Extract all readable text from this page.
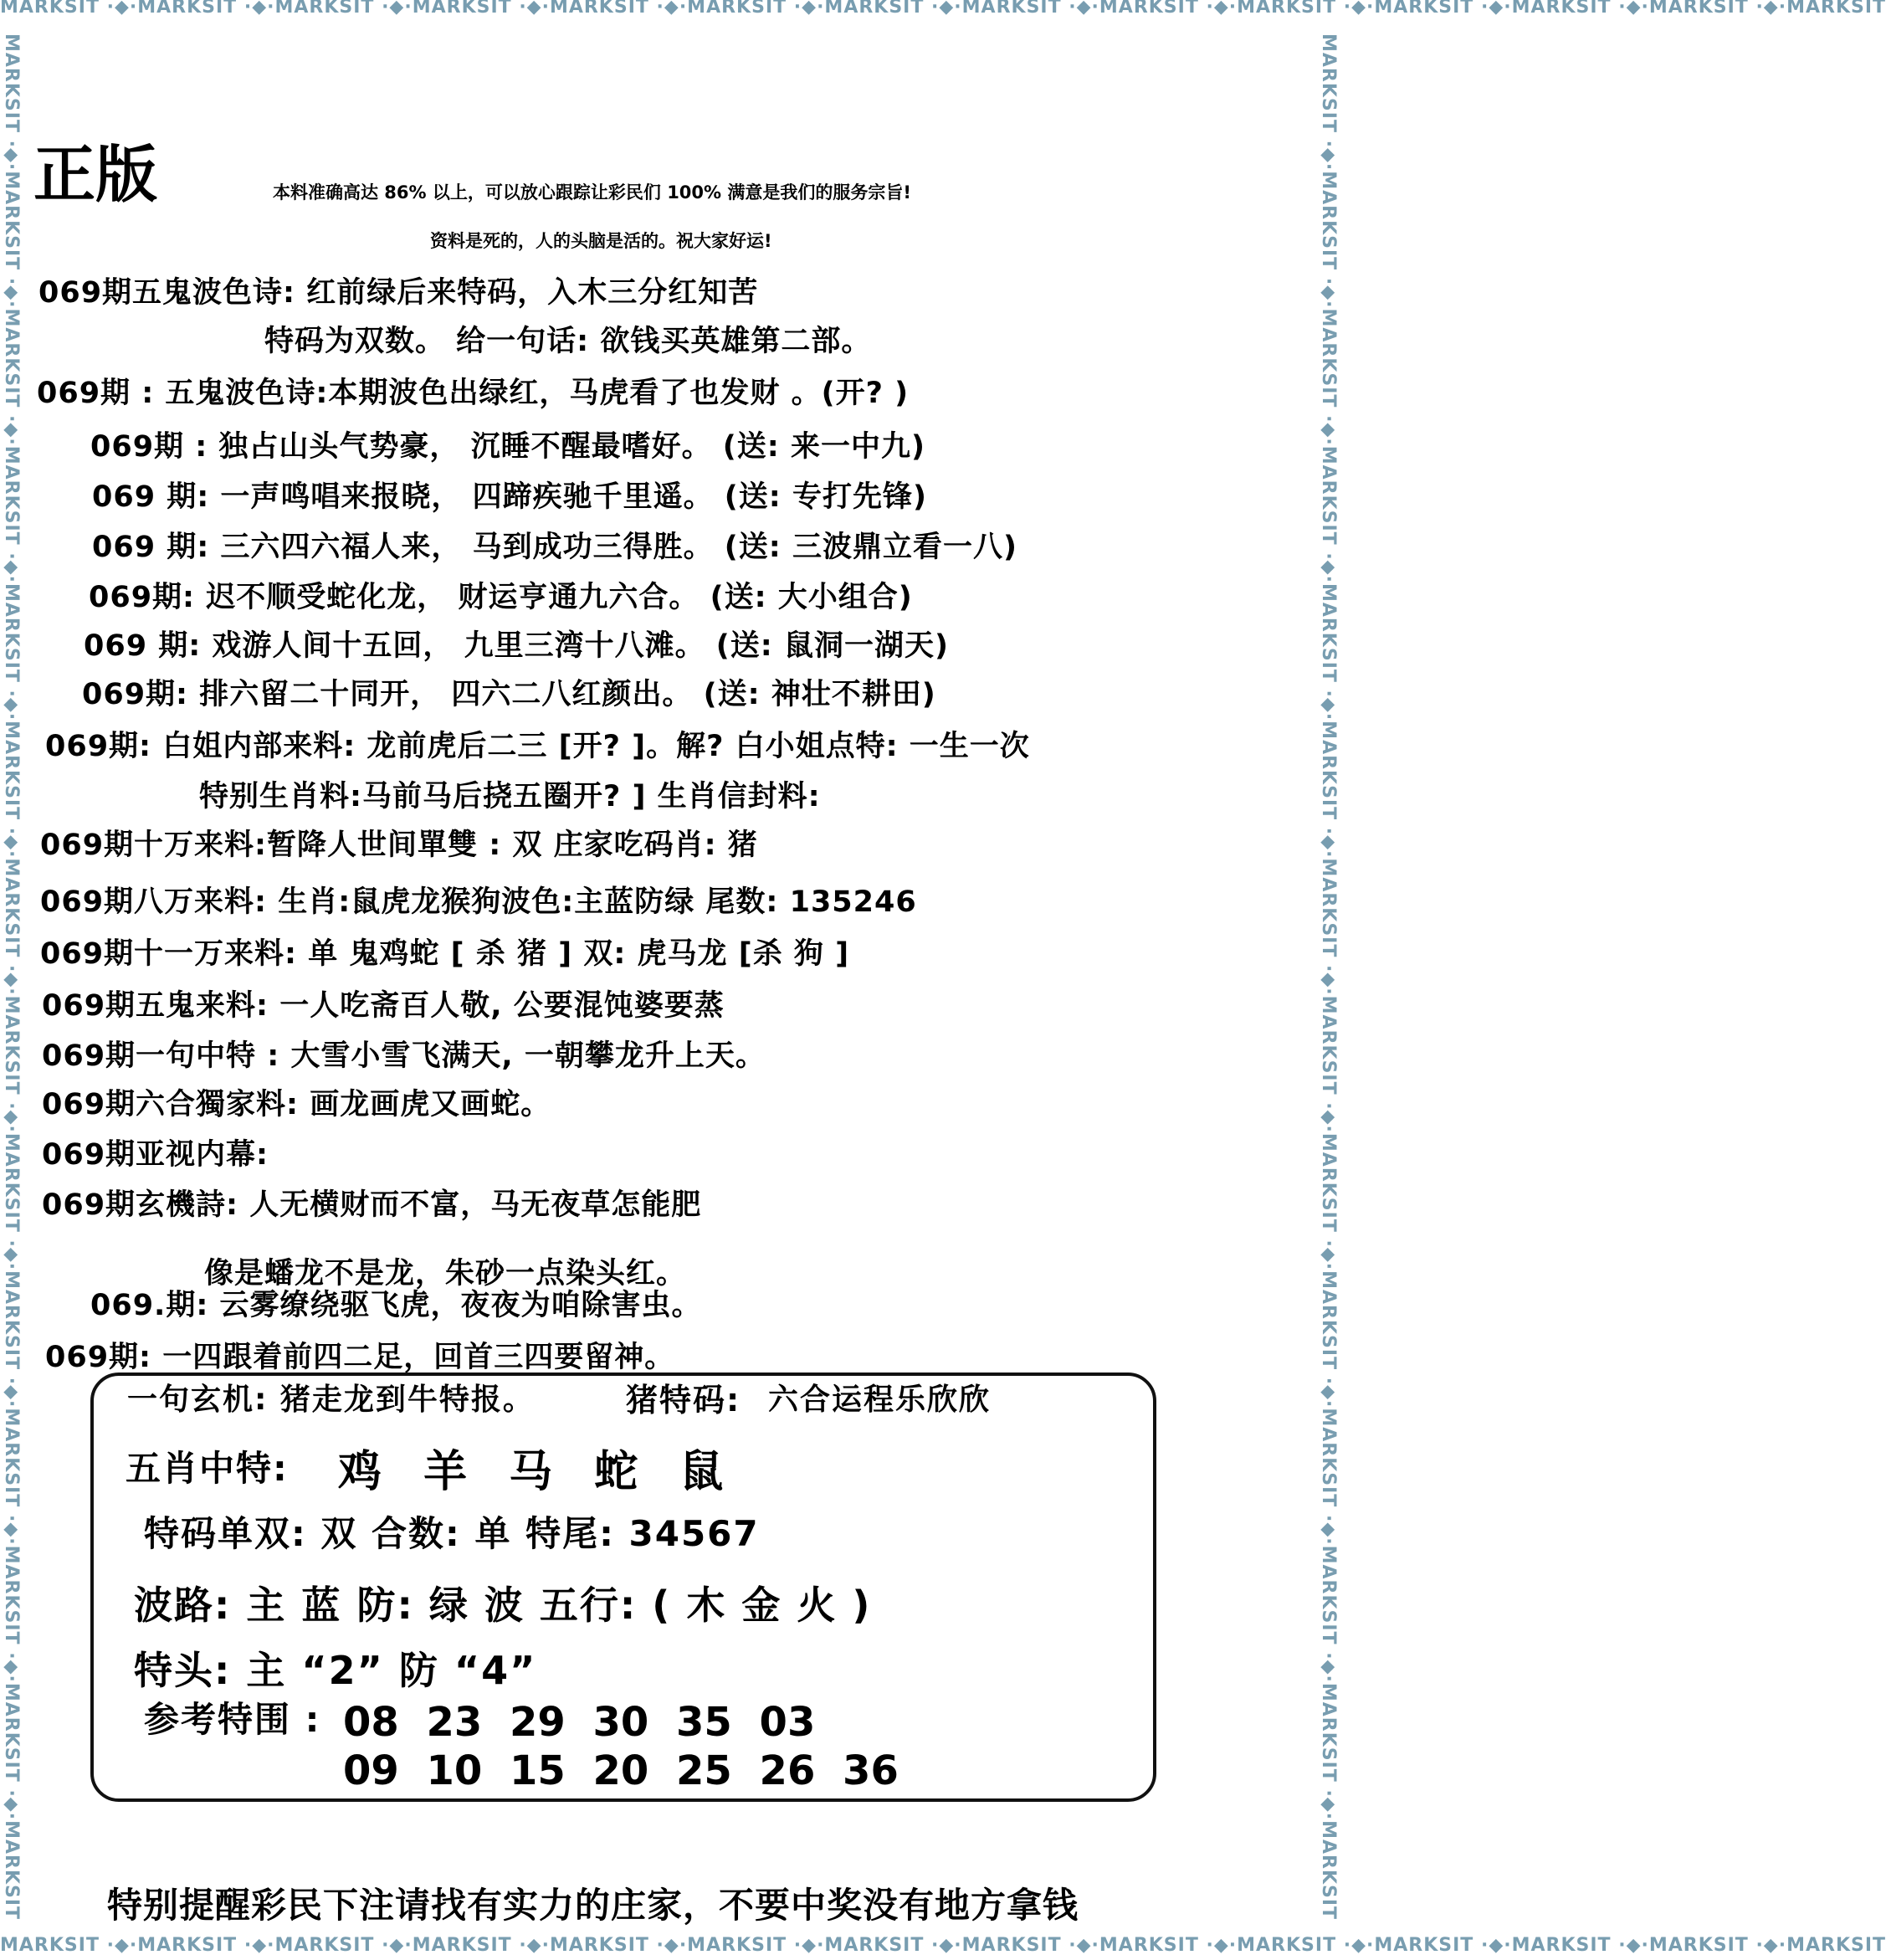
MARKSIT ·◆·MARKSIT ·◆·MARKSIT ·◆·MARKSIT ·◆·MARKSIT ·◆·MARKSIT ·◆·MARKSIT ·◆·MARKSIT ·◆·MARKSIT ·◆·MARKSIT ·◆·MARKSIT ·◆·MARKSIT ·◆·MARKSIT ·◆·MARKSIT
MARKSIT ·◆·MARKSIT ·◆·MARKSIT ·◆·MARKSIT ·◆·MARKSIT ·◆·MARKSIT ·◆·MARKSIT ·◆·MARKSIT ·◆·MARKSIT ·◆·MARKSIT ·◆·MARKSIT ·◆·MARKSIT ·◆·MARKSIT ·◆·MARKSIT
MARKSIT ·◆·MARKSIT ·◆·MARKSIT ·◆·MARKSIT ·◆·MARKSIT ·◆·MARKSIT ·◆·MARKSIT ·◆·MARKSIT ·◆·MARKSIT ·◆·MARKSIT ·◆·MARKSIT ·◆·MARKSIT ·◆·MARKSIT ·◆·MARKSIT	MARKSIT ·◆·MARKSIT ·◆·MARKSIT ·◆·MARKSIT ·◆·MARKSIT ·◆·MARKSIT ·◆·MARKSIT ·◆·MARKSIT ·◆·MARKSIT ·◆·MARKSIT ·◆·MARKSIT ·◆·MARKSIT ·◆·MARKSIT ·◆·MARKSIT
正版	本料准确高达 86% 以上，可以放心跟踪让彩民们 100% 满意是我们的服务宗旨!
资料是死的，人的头脑是活的。祝大家好运!
069期五鬼波色诗: 红前绿后来特码，入木三分红知苦
特码为双数。 给一句话: 欲钱买英雄第二部。
069期 : 五鬼波色诗:本期波色出绿红，马虎看了也发财 。(开? )
069期 : 独占山头气势豪， 沉睡不醒最嗜好。 (送: 来一中九)
069 期: 一声鸣唱来报晓， 四蹄疾驰千里遥。 (送: 专打先锋)
069 期: 三六四六福人来， 马到成功三得胜。 (送: 三波鼎立看一八)
069期: 迟不顺受蛇化龙， 财运亨通九六合。 (送: 大小组合)
069 期: 戏游人间十五回， 九里三湾十八滩。 (送: 鼠洞一湖天)
069期: 排六留二十同开， 四六二八红颜出。 (送: 神壮不耕田)
069期: 白姐内部来料: 龙前虎后二三 [开? ]。解? 白小姐点特: 一生一次
特别生肖料:马前马后挠五圈开? ] 生肖信封料:
069期十万来料:暂降人世间單雙 : 双 庄家吃码肖: 猪
069期八万来料: 生肖:鼠虎龙猴狗波色:主蓝防绿 尾数: 135246
069期十一万来料: 单 鬼鸡蛇 [ 杀 猪 ] 双: 虎马龙 [杀 狗 ]
069期五鬼来料: 一人吃斋百人敬, 公要混饨婆要蒸
069期一句中特 : 大雪小雪飞满天, 一朝攀龙升上天。
069期六合獨家料: 画龙画虎又画蛇。
069期亚视内幕:
069期玄機詩: 人无横财而不富，马无夜草怎能肥
像是蟠龙不是龙，朱砂一点染头红。
069.期: 云雾缭绕驱飞虎，夜夜为咱除害虫。
069期: 一四跟着前四二足，回首三四要留神。
一句玄机: 猪走龙到牛特报。	猪特码: 六合运程乐欣欣
五肖中特: 鸡 羊 马 蛇 鼠
特码单双: 双 合数: 单 特尾: 34567
波路: 主 蓝 防: 绿 波 五行: ( 木 金 火 )
特头: 主 “2” 防 “4”
参考特围 : 08 23 29 30 35 03
09 10 15 20 25 26 36
特别提醒彩民下注请找有实力的庄家，不要中奖没有地方拿钱
